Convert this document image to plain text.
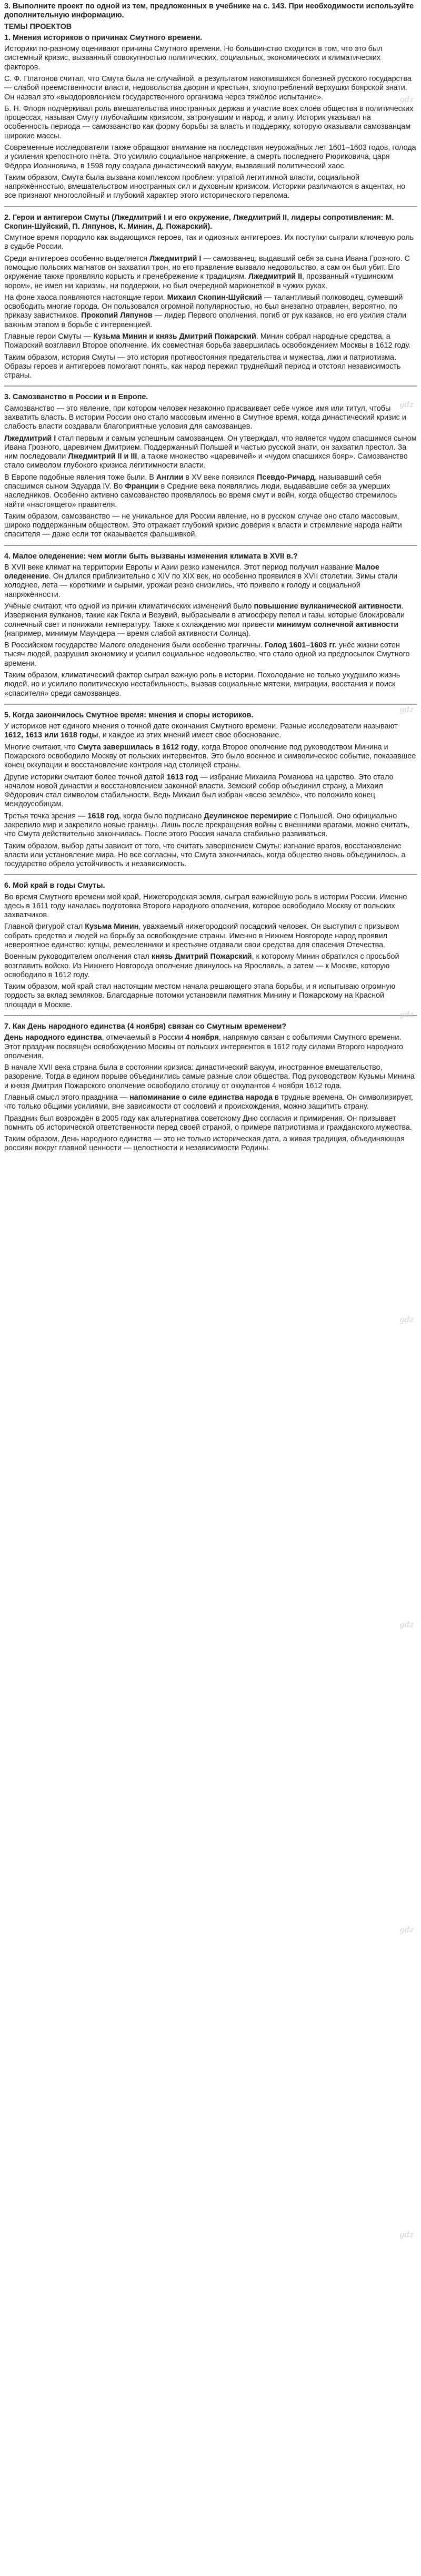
3. Выполните проект по одной из тем, предложенных в учебнике на с. 143. При необходимости используйте дополнительную информацию.

ТЕМЫ ПРОЕКТОВ

1. Мнения историков о причинах Смутного времени.

Историки по-разному оценивают причины Смутного времени. Но большинство сходится в том, что это был системный кризис, вызванный совокупностью политических, социальных, экономических и климатических факторов.

С. Ф. Платонов считал, что Смута была не случайной, а результатом накопившихся болезней русского государства — слабой преемственности власти, недовольства дворян и крестьян, злоупотреблений верхушки боярской знати. Он назвал это «выздоровлением государственного организма через тяжёлое испытание».

Б. Н. Флоря подчёркивал роль вмешательства иностранных держав и участие всех слоёв общества в политических процессах, называя Смуту глубочайшим кризисом, затронувшим и народ, и элиту. Историк указывал на особенность периода — самозванство как форму борьбы за власть и поддержку, которую оказывали самозванцам широкие массы.

Современные исследователи также обращают внимание на последствия неурожайных лет 1601–1603 годов, голода и усиления крепостного гнёта. Это усилило социальное напряжение, а смерть последнего Рюриковича, царя Фёдора Иоанновича, в 1598 году создала династический вакуум, вызвавший политический хаос.

Таким образом, Смута была вызвана комплексом проблем: утратой легитимной власти, социальной напряжённостью, вмешательством иностранных сил и духовным кризисом. Историки различаются в акцентах, но все признают многослойный и глубокий характер этого исторического перелома.

2. Герои и антигерои Смуты (Лжедмитрий I и его окружение, Лжедмитрий II, лидеры сопротивления: М. Скопин-Шуйский, П. Ляпунов, К. Минин, Д. Пожарский).

Смутное время породило как выдающихся героев, так и одиозных антигероев. Их поступки сыграли ключевую роль в судьбе России.

Среди антигероев особенно выделяется Лжедмитрий I — самозванец, выдавший себя за сына Ивана Грозного. С помощью польских магнатов он захватил трон, но его правление вызвало недовольство, а сам он был убит. Его окружение также проявляло корысть и пренебрежение к традициям. Лжедмитрий II, прозванный «тушинским вором», не имел ни харизмы, ни поддержки, но был очередной марионеткой в чужих руках.

На фоне хаоса появляются настоящие герои. Михаил Скопин-Шуйский — талантливый полководец, сумевший освободить многие города. Он пользовался огромной популярностью, но был внезапно отравлен, вероятно, по приказу завистников. Прокопий Ляпунов — лидер Первого ополчения, погиб от рук казаков, но его усилия стали важным этапом в борьбе с интервенцией.

Главные герои Смуты — Кузьма Минин и князь Дмитрий Пожарский. Минин собрал народные средства, а Пожарский возглавил Второе ополчение. Их совместная борьба завершилась освобождением Москвы в 1612 году.

Таким образом, история Смуты — это история противостояния предательства и мужества, лжи и патриотизма. Образы героев и антигероев помогают понять, как народ пережил труднейший период и отстоял независимость страны.

3. Самозванство в России и в Европе.

Самозванство — это явление, при котором человек незаконно присваивает себе чужое имя или титул, чтобы захватить власть. В истории России оно стало массовым именно в Смутное время, когда династический кризис и слабость власти создавали благоприятные условия для самозванцев.

Лжедмитрий I стал первым и самым успешным самозванцем. Он утверждал, что является чудом спасшимся сыном Ивана Грозного, царевичем Дмитрием. Поддержанный Польшей и частью русской знати, он захватил престол. За ним последовали Лжедмитрий II и III, а также множество «царевичей» и «чудом спасшихся бояр». Самозванство стало символом глубокого кризиса легитимности власти.

В Европе подобные явления тоже были. В Англии в XV веке появился Псевдо-Ричард, называвший себя спасшимся сыном Эдуарда IV. Во Франции в Средние века появлялись люди, выдававшие себя за умерших наследников. Особенно активно самозванство проявлялось во время смут и войн, когда общество стремилось найти «настоящего» правителя.

Таким образом, самозванство — не уникальное для России явление, но в русском случае оно стало массовым, широко поддержанным обществом. Это отражает глубокий кризис доверия к власти и стремление народа найти спасителя — даже если тот оказывается фальшивкой.

4. Малое оледенение: чем могли быть вызваны изменения климата в XVII в.?

В XVII веке климат на территории Европы и Азии резко изменился. Этот период получил название Малое оледенение. Он длился приблизительно с XIV по XIX век, но особенно проявился в XVII столетии. Зимы стали холоднее, лета — короткими и сырыми, урожаи резко снизились, что привело к голоду и социальной напряжённости.

Учёные считают, что одной из причин климатических изменений было повышение вулканической активности. Извержения вулканов, такие как Гекла и Везувий, выбрасывали в атмосферу пепел и газы, которые блокировали солнечный свет и понижали температуру. Также к охлаждению мог привести минимум солнечной активности (например, минимум Маундера — время слабой активности Солнца).

В Российском государстве Малого оледенения были особенно трагичны. Голод 1601–1603 гг. унёс жизни сотен тысяч людей, разрушил экономику и усилил социальное недовольство, что стало одной из предпосылок Смутного времени.

Таким образом, климатический фактор сыграл важную роль в истории. Похолодание не только ухудшило жизнь людей, но и усилило политическую нестабильность, вызвав социальные мятежи, миграции, восстания и поиск «спасителя» среди самозванцев.

5. Когда закончилось Смутное время: мнения и споры историков.

У историков нет единого мнения о точной дате окончания Смутного времени. Разные исследователи называют 1612, 1613 или 1618 годы, и каждое из этих мнений имеет свое обоснование.

Многие считают, что Смута завершилась в 1612 году, когда Второе ополчение под руководством Минина и Пожарского освободило Москву от польских интервентов. Это было военное и символическое событие, показавшее конец оккупации и восстановление контроля над столицей страны.

Другие историки считают более точной датой 1613 год — избрание Михаила Романова на царство. Это стало началом новой династии и восстановлением законной власти. Земский собор объединил страну, а Михаил Фёдорович стал символом стабильности. Ведь Михаил был избран «всею землёю», что положило конец междоусобицам.

Третья точка зрения — 1618 год, когда было подписано Деулинское перемирие с Польшей. Оно официально закрепило мир и закрепило новые границы. Лишь после прекращения войны с внешними врагами, можно считать, что Смута действительно закончилась. После этого Россия начала стабильно развиваться.

Таким образом, выбор даты зависит от того, что считать завершением Смуты: изгнание врагов, восстановление власти или установление мира. Но все согласны, что Смута закончилась, когда общество вновь объединилось, а государство обрело устойчивость и независимость.

6. Мой край в годы Смуты.

Во время Смутного времени мой край, Нижегородская земля, сыграл важнейшую роль в истории России. Именно здесь в 1611 году началась подготовка Второго народного ополчения, которое освободило Москву от польских захватчиков.

Главной фигурой стал Кузьма Минин, уважаемый нижегородский посадский человек. Он выступил с призывом собрать средства и людей на борьбу за освобождение страны. Именно в Нижнем Новгороде народ проявил невероятное единство: купцы, ремесленники и крестьяне отдавали свои средства для спасения Отечества.

Военным руководителем ополчения стал князь Дмитрий Пожарский, к которому Минин обратился с просьбой возглавить войско. Из Нижнего Новгорода ополчение двинулось на Ярославль, а затем — к Москве, которую освободило в 1612 году.

Таким образом, мой край стал настоящим местом начала решающего этапа борьбы, и я испытываю огромную гордость за вклад земляков. Благодарные потомки установили памятник Минину и Пожарскому на Красной площади в Москве.

7. Как День народного единства (4 ноября) связан со Смутным временем?

День народного единства, отмечаемый в России 4 ноября, напрямую связан с событиями Смутного времени. Этот праздник посвящён освобождению Москвы от польских интервентов в 1612 году силами Второго народного ополчения.

В начале XVII века страна была в состоянии кризиса: династический вакуум, иностранное вмешательство, разорение. Тогда в едином порыве объединились самые разные слои общества. Под руководством Кузьмы Минина и князя Дмитрия Пожарского ополчение освободило столицу от оккупантов 4 ноября 1612 года.

Главный смысл этого праздника — напоминание о силе единства народа в трудные времена. Он символизирует, что только общими усилиями, вне зависимости от сословий и происхождения, можно защитить страну.

Праздник был возрождён в 2005 году как альтернатива советскому Дню согласия и примирения. Он призывает помнить об исторической ответственности перед своей страной, о примере патриотизма и гражданского мужества.

Таким образом, День народного единства — это не только историческая дата, а живая традиция, объединяющая россиян вокруг главной ценности — целостности и независимости Родины.

gdz
gdz
gdz
gdz
gdz
gdz
gdz
gdz
